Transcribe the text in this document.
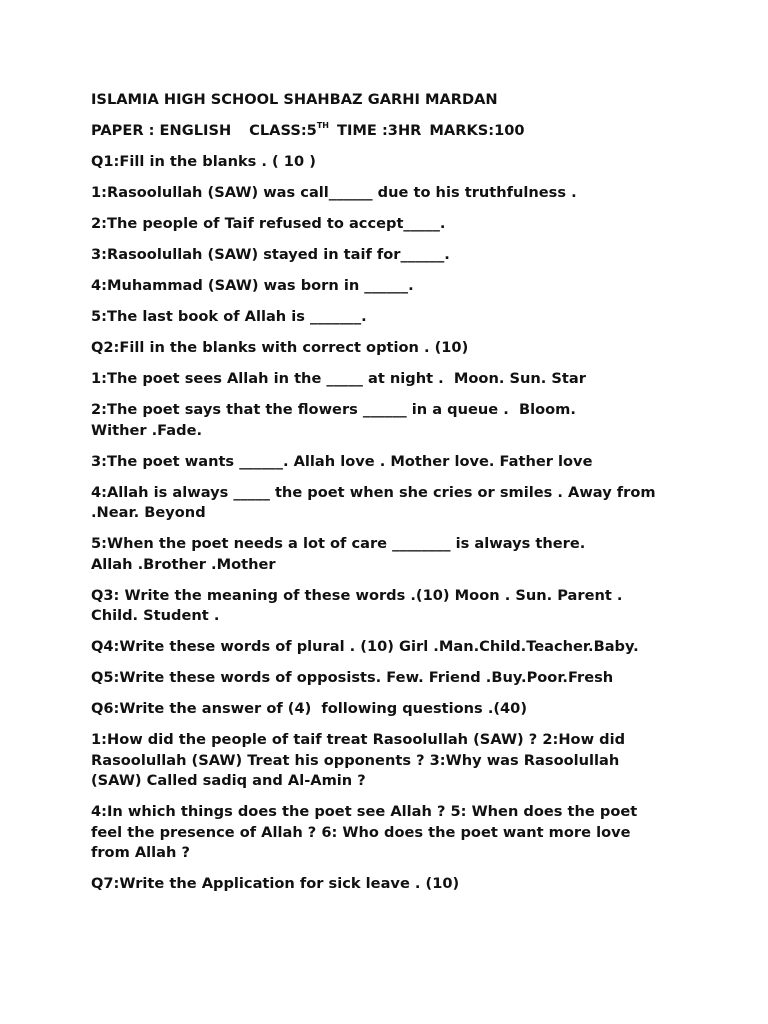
ISLAMIA HIGH SCHOOL SHAHBAZ GARHI MARDAN
PAPER : ENGLISH CLASS:5TH TIME :3HR MARKS:100
Q1:Fill in the blanks . ( 10 )
1:Rasoolullah (SAW) was call______ due to his truthfulness .
2:The people of Taif refused to accept_____.
3:Rasoolullah (SAW) stayed in taif for______.
4:Muhammad (SAW) was born in ______.
5:The last book of Allah is _______.
Q2:Fill in the blanks with correct option . (10)
1:The poet sees Allah in the _____ at night .  Moon. Sun. Star
2:The poet says that the flowers ______ in a queue .  Bloom.
Wither .Fade.
3:The poet wants ______. Allah love . Mother love. Father love
4:Allah is always _____ the poet when she cries or smiles . Away from
.Near. Beyond
5:When the poet needs a lot of care ________ is always there.
Allah .Brother .Mother
Q3: Write the meaning of these words .(10) Moon . Sun. Parent .
Child. Student .
Q4:Write these words of plural . (10) Girl .Man.Child.Teacher.Baby.
Q5:Write these words of opposists. Few. Friend .Buy.Poor.Fresh
Q6:Write the answer of (4)  following questions .(40)
1:How did the people of taif treat Rasoolullah (SAW) ? 2:How did
Rasoolullah (SAW) Treat his opponents ? 3:Why was Rasoolullah
(SAW) Called sadiq and Al-Amin ?
4:In which things does the poet see Allah ? 5: When does the poet
feel the presence of Allah ? 6: Who does the poet want more love
from Allah ?
Q7:Write the Application for sick leave . (10)
